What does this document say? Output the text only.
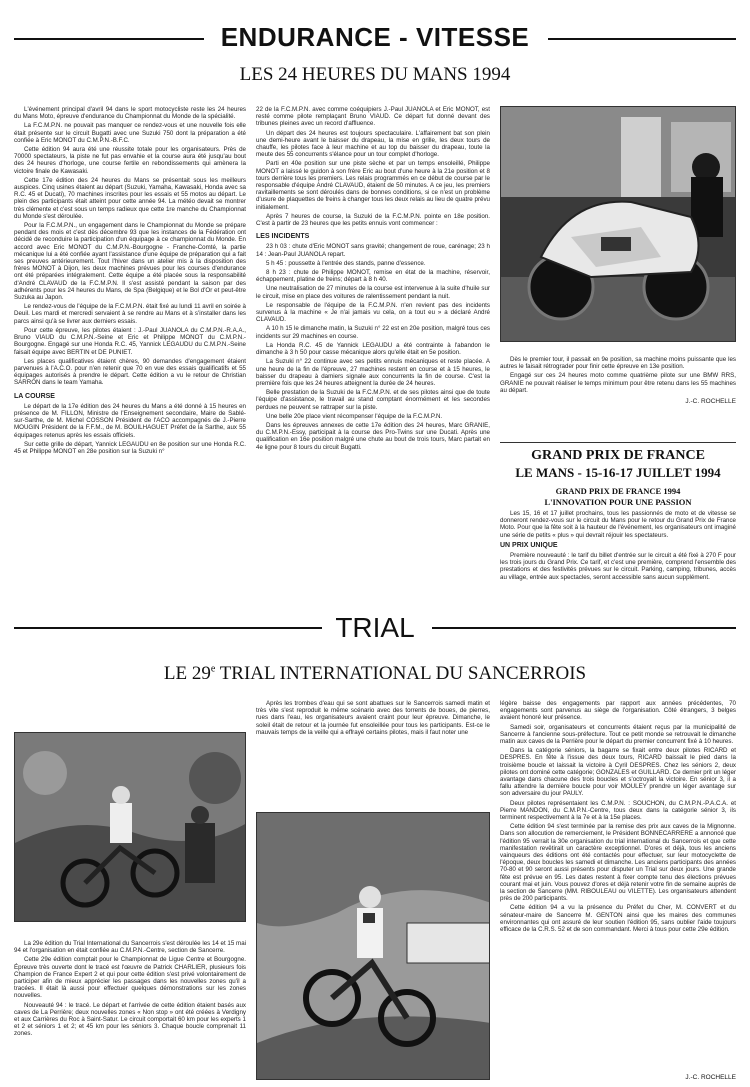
ENDURANCE - VITESSE
LES 24 HEURES DU MANS 1994

L'événement principal d'avril 94 dans le sport motocycliste reste les 24 heures du Mans Moto, épreuve d'endurance du Championnat du Monde de la spécialité.

La F.C.M.P.N. ne pouvait pas manquer ce rendez-vous et une nouvelle fois elle était présente sur le circuit Bugatti avec une Suzuki 750 dont la préparation a été confiée à Eric MONOT du C.M.P.N.-B.F.C.

Cette édition 94 aura été une réussite totale pour les organisateurs. Près de 70000 spectateurs, la piste ne fut pas envahie et la course aura été jusqu'au bout des 24 heures d'horloge, une course fertile en rebondissements qui amènera la victoire finale de Kawasaki.

Cette 17e édition des 24 heures du Mans se présentait sous les meilleurs auspices. Cinq usines étaient au départ (Suzuki, Yamaha, Kawasaki, Honda avec sa R.C. 45 et Ducati), 70 machines inscrites pour les essais et 55 motos au départ. Le plein des participants était atteint pour cette année 94. La météo devait se montrer très clémente et c'est sous un temps radieux que cette 1re manche du Championnat du Monde s'est déroulée.

Pour la F.C.M.P.N., un engagement dans le Championnat du Monde se prépare pendant des mois et c'est dès décembre 93 que les instances de la Fédération ont décidé de reconduire la participation d'un équipage à ce championnat du Monde. En accord avec Eric MONOT du C.M.P.N.-Bourgogne - Franche-Comté, la partie mécanique lui a été confiée ayant l'assistance d'une équipe de préparation qui a fait ses preuves antérieurement. Tout l'hiver dans un atelier mis à la disposition des frères MONOT à Dijon, les deux machines prévues pour les courses d'endurance ont été préparées intégralement. Cette équipe a été placée sous la responsabilité d'André CLAVAUD de la F.C.M.P.N. Il s'est assisté pendant la saison par des adhérents pour les 24 heures du Mans, de Spa (Belgique) et le Bol d'Or et peut-être Suzuka au Japon.

Le rendez-vous de l'équipe de la F.C.M.P.N. était fixé au lundi 11 avril en soirée à Deuil. Les mardi et mercredi servaient à se rendre au Mans et à s'installer dans les parcs ainsi qu'à se livrer aux derniers essais.

Pour cette épreuve, les pilotes étaient : J.-Paul JUANOLA du C.M.P.N.-R.A.A., Bruno VIAUD du C.M.P.N.-Seine et Eric et Philippe MONOT du C.M.P.N.-Bourgogne. Engagé sur une Honda R.C. 45, Yannick LEGAUDU du C.M.P.N.-Seine faisait équipe avec BERTIN et DE PUNIET.

Les places qualificatives étaient chères, 90 demandes d'engagement étaient parvenues à l'A.C.O. pour n'en retenir que 70 en vue des essais qualificatifs et 55 équipages autorisés à prendre le départ. Cette édition a vu le retour de Christian SARRON dans le team Yamaha.

LA COURSE

Le départ de la 17e édition des 24 heures du Mans a été donné à 15 heures en présence de M. FILLON, Ministre de l'Enseignement secondaire, Maire de Sablé-sur-Sarthe, de M. Michel COSSON Président de l'ACO accompagnés de J.-Pierre MOUGIN Président de la F.F.M., de M. BOUILHAGUET Préfet de la Sarthe, aux 55 équipages retenus après les essais officiels.

Sur cette grille de départ, Yannick LEGAUDU en 8e position sur une Honda R.C. 45 et Philippe MONOT en 28e position sur la Suzuki n°

22 de la F.C.M.P.N. avec comme coéquipiers J.-Paul JUANOLA et Eric MONOT, est resté comme pilote remplaçant Bruno VIAUD. Ce départ fut donné devant des tribunes pleines avec un record d'affluence.

Un départ des 24 heures est toujours spectaculaire. L'affairement bat son plein une demi-heure avant le baisser du drapeau, la mise en grille, les deux tours de chauffe, les pilotes face à leur machine et au top du baisser du drapeau, toute la meute des 55 concurrents s'élance pour un tour complet d'horloge.

Parti en 40e position sur une piste sèche et par un temps ensoleillé, Philippe MONOT a laissé le guidon à son frère Eric au bout d'une heure à la 21e position et 8 tours derrière tous les premiers. Les relais programmés en ce début de course par le responsable d'équipe André CLAVAUD, étaient de 50 minutes. A ce jeu, les premiers ravitaillements se sont déroulés dans de bonnes conditions, si ce n'est un problème d'usure de plaquettes de freins à changer tous les deux relais au lieu de quatre prévu initialement.

Après 7 heures de course, la Suzuki de la F.C.M.P.N. pointe en 18e position. C'est à partir de 23 heures que les petits ennuis vont commencer :

LES INCIDENTS

23 h 03 : chute d'Eric MONOT sans gravité; changement de roue, carénage; 23 h 14 : Jean-Paul JUANOLA repart.

5 h 45 : poussette à l'entrée des stands, panne d'essence.

8 h 23 : chute de Philippe MONOT, remise en état de la machine, réservoir, échappement, platine de freins; départ à 8 h 40.

Une neutralisation de 27 minutes de la course est intervenue à la suite d'huile sur le circuit, mise en place des voitures de ralentissement pendant la nuit.

Le responsable de l'équipe de la F.C.M.P.N. n'en revient pas des incidents survenus à la machine « Je n'ai jamais vu cela, on a tout eu » a déclaré André CLAVAUD.

A 10 h 15 le dimanche matin, la Suzuki n° 22 est en 20e position, malgré tous ces incidents sur 29 machines en course.

La Honda R.C. 45 de Yannick LEGAUDU a été contrainte à l'abandon le dimanche à 3 h 50 pour casse mécanique alors qu'elle était en 5e position.

La Suzuki n° 22 continue avec ses petits ennuis mécaniques et reste placée. A une heure de la fin de l'épreuve, 27 machines restent en course et à 15 heures, le baisser du drapeau à damiers signale aux concurrents la fin de course. C'est la première fois que les 24 heures atteignent la durée de 24 heures.

Belle prestation de la Suzuki de la F.C.M.P.N. et de ses pilotes ainsi que de toute l'équipe d'assistance, le travail au stand comptant énormément et les secondes perdues ne peuvent se rattraper sur la piste.

Une belle 20e place vient récompenser l'équipe de la F.C.M.P.N.

Dans les épreuves annexes de cette 17e édition des 24 heures, Marc GRANIE, du C.M.P.N.-Essy, participait à la course des Pro-Twins sur une Ducati. Après une qualification en 16e position malgré une chute au bout de trois tours, Marc partait en 4e ligne pour 8 tours du circuit Bugatti.

Dès le premier tour, il passait en 9e position, sa machine moins puissante que les autres le faisait rétrograder pour finir cette épreuve en 13e position.

Engagé sur ces 24 heures moto comme quatrième pilote sur une BMW RRS, GRANIE ne pouvait réaliser le temps minimum pour être retenu dans les 55 machines au départ.

J.-C. ROCHELLE
GRAND PRIX DE FRANCE
LE MANS - 15-16-17 JUILLET 1994
GRAND PRIX DE FRANCE 1994
L'INNOVATION POUR UNE PASSION

Les 15, 16 et 17 juillet prochains, tous les passionnés de moto et de vitesse se donneront rendez-vous sur le circuit du Mans pour le retour du Grand Prix de France Moto. Pour que la fête soit à la hauteur de l'événement, les organisateurs ont imaginé une série de petits « plus » qui devrait réjouir les spectateurs.

UN PRIX UNIQUE

Première nouveauté : le tarif du billet d'entrée sur le circuit a été fixé à 270 F pour les trois jours du Grand Prix. Ce tarif, et c'est une première, comprend l'ensemble des prestations et des festivités prévues sur le circuit. Parking, camping, tribunes, accès au village, entrée aux spectacles, seront accessible sans aucun supplément.

TRIAL
LE 29e TRIAL INTERNATIONAL DU SANCERROIS

La 29e édition du Trial International du Sancerrois s'est déroulée les 14 et 15 mai 94 et l'organisation en était confiée au C.M.P.N.-Centre, section de Sancerre.

Cette 29e édition comptait pour le Championnat de Ligue Centre et Bourgogne. Épreuve très ouverte dont le tracé est l'œuvre de Patrick CHARLIER, plusieurs fois Champion de France Expert 2 et qui pour cette édition s'est privé volontairement de participer afin de mieux apprécier les passages dans les nouvelles zones qu'il a tracées. Il était là aussi pour effectuer quelques démonstrations sur les zones nouvelles.

Nouveauté 94 : le tracé. Le départ et l'arrivée de cette édition étaient basés aux caves de La Perrière; deux nouvelles zones « Non stop » ont été créées à Verdigny et aux Carrières du Roc à Saint-Satur. Le circuit comportait 60 km pour les experts 1 et 2 et séniors 1 et 2; et 45 km pour les séniors 3. Chaque boucle comprenait 11 zones.

Après les trombes d'eau qui se sont abattues sur le Sancerrois samedi matin et très vite s'est reproduit le même scénario avec des torrents de boues, de pierres, rues dans l'eau, les organisateurs avaient craint pour leur épreuve. Dimanche, le soleil était de retour et la journée fut ensoleillée pour tous les participants. Est-ce le mauvais temps de la veille qui a effrayé certains pilotes, mais il faut noter une

légère baisse des engagements par rapport aux années précédentes, 70 engagements sont parvenus au siège de l'organisation. Côté étrangers, 3 belges avaient honoré leur présence.

Samedi soir, organisateurs et concurrents étaient reçus par la municipalité de Sancerre à l'ancienne sous-préfecture. Tout ce petit monde se retrouvait le dimanche matin aux caves de la Perrière pour le départ du premier concurrent fixé à 10 heures.

Dans la catégorie séniors, la bagarre se fixait entre deux pilotes RICARD et DESPRES. En fête à l'issue des deux tours, RICARD baissait le pied dans la troisième boucle et laissait la victoire à Cyril DESPRES. Chez les séniors 2, deux pilotes ont dominé cette catégorie; GONZALES et GUILLARD. Ce dernier prit un léger avantage dans chacune des trois boucles et s'octroyait la victoire. En sénior 3, il a fallu attendre la dernière boucle pour voir MOULEY prendre un léger avantage sur son adversaire du jour PAULY.

Deux pilotes représentaient les C.M.P.N. : SOUCHON, du C.M.P.N.-P.A.C.A. et Pierre MANDON, du C.M.P.N.-Centre, tous deux dans la catégorie sénior 3, ils terminent respectivement à la 7e et à la 15e places.

Cette édition 94 s'est terminée par la remise des prix aux caves de la Mignonne. Dans son allocution de remerciement, le Président BONNECARRERE a annoncé que l'édition 95 verrait la 30e organisation du trial international du Sancerrois et que cette manifestation revêtirait un caractère exceptionnel. D'ores et déjà, tous les anciens vainqueurs des éditions ont été contactés pour effectuer, sur leur motocyclette de l'époque, deux boucles les samedi et dimanche. Les anciens participants des années 70-80 et 90 seront aussi présents pour disputer un Trial sur deux jours. Une grande fête est prévue en 95. Les dates restent à fixer compte tenu des élections prévues courant mai et juin. Vous pouvez d'ores et déjà retenir votre fin de semaine auprès de la section de Sancerre (MM. RIBOULEAU ou VILETTE). Les organisateurs attendent près de 200 participants.

Cette édition 94 a vu la présence du Préfet du Cher, M. CONVERT et du sénateur-maire de Sancerre M. GENTON ainsi que les maires des communes environnantes qui ont assuré de leur soutien l'édition 95, sans oublier l'aide toujours efficace de la C.R.S. 52 et de son commandant. Merci à tous pour cette 29e édition.

J.-C. ROCHELLE
